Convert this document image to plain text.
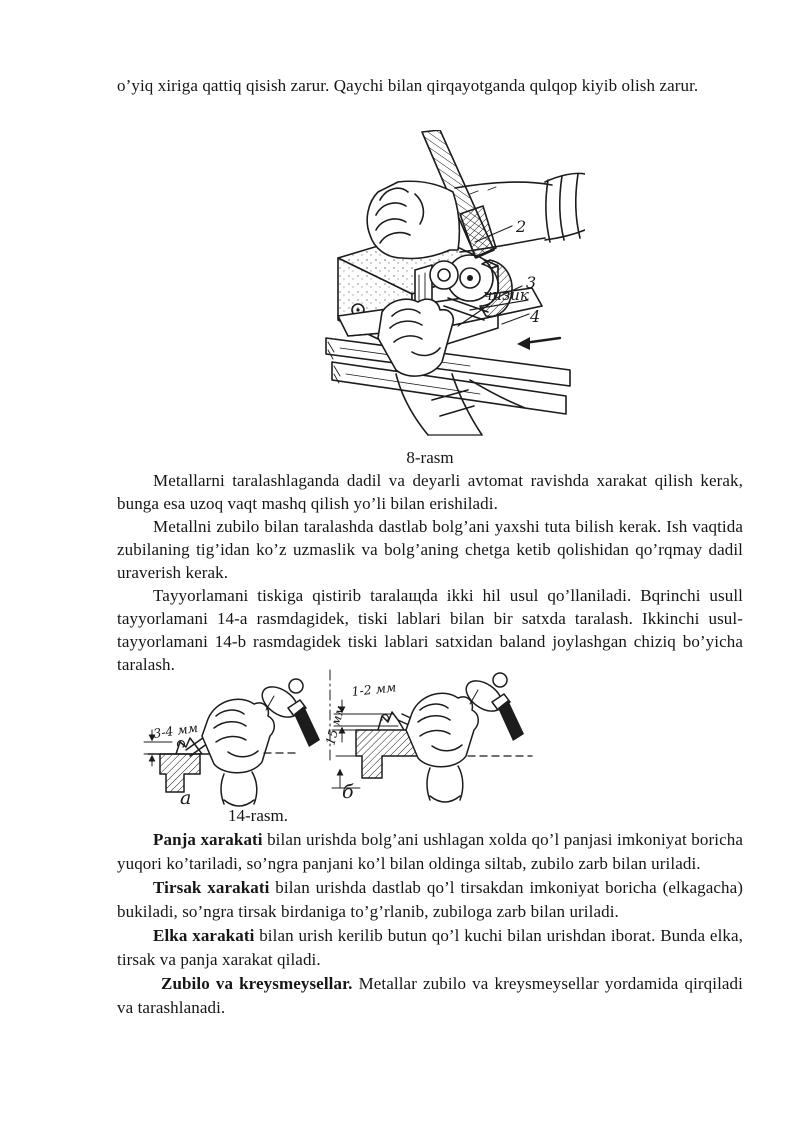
o’yiq xiriga qattiq qisish zarur. Qaychi bilan qirqayotganda qulqop kiyib olish zarur.

2
3
чизик
4

8-rasm

Metallarni taralashlaganda dadil va deyarli avtomat ravishda xarakat qilish kerak, bunga esa uzoq vaqt mashq qilish yo’li bilan erishiladi.

Metallni zubilo bilan taralashda dastlab bolg’ani yaxshi tuta bilish kerak. Ish vaqtida zubilaning tig’idan ko’z uzmaslik va bolg’aning chetga ketib qolishidan qo’rqmay dadil uraverish kerak.

Tayyorlamani tiskiga qistirib taralaщda ikki hil usul qo’llaniladi. Bqrinchi usull tayyorlamani 14-a rasmdagidek, tiski lablari bilan bir satxda taralash. Ikkinchi usul-tayyorlamani 14-b rasmdagidek tiski lablari satxidan baland joylashgan chiziq bo’yicha taralash.

3-4 мм
а
15 мм
1-2 мм
б

14-rasm.

Panja xarakati bilan urishda bolg’ani ushlagan xolda qo’l panjasi imkoniyat boricha yuqori ko’tariladi, so’ngra panjani ko’l bilan oldinga siltab, zubilo zarb bilan uriladi.

Tirsak xarakati bilan urishda dastlab qo’l tirsakdan imkoniyat boricha (elkagacha) bukiladi, so’ngra tirsak birdaniga to’g’rlanib, zubiloga zarb bilan uriladi.

Elka xarakati bilan urish kerilib butun qo’l kuchi bilan urishdan iborat. Bunda elka, tirsak va panja xarakat qiladi.

Zubilo va kreysmeysellar. Metallar zubilo va kreysmeysellar yordamida qirqiladi va tarashlanadi.
